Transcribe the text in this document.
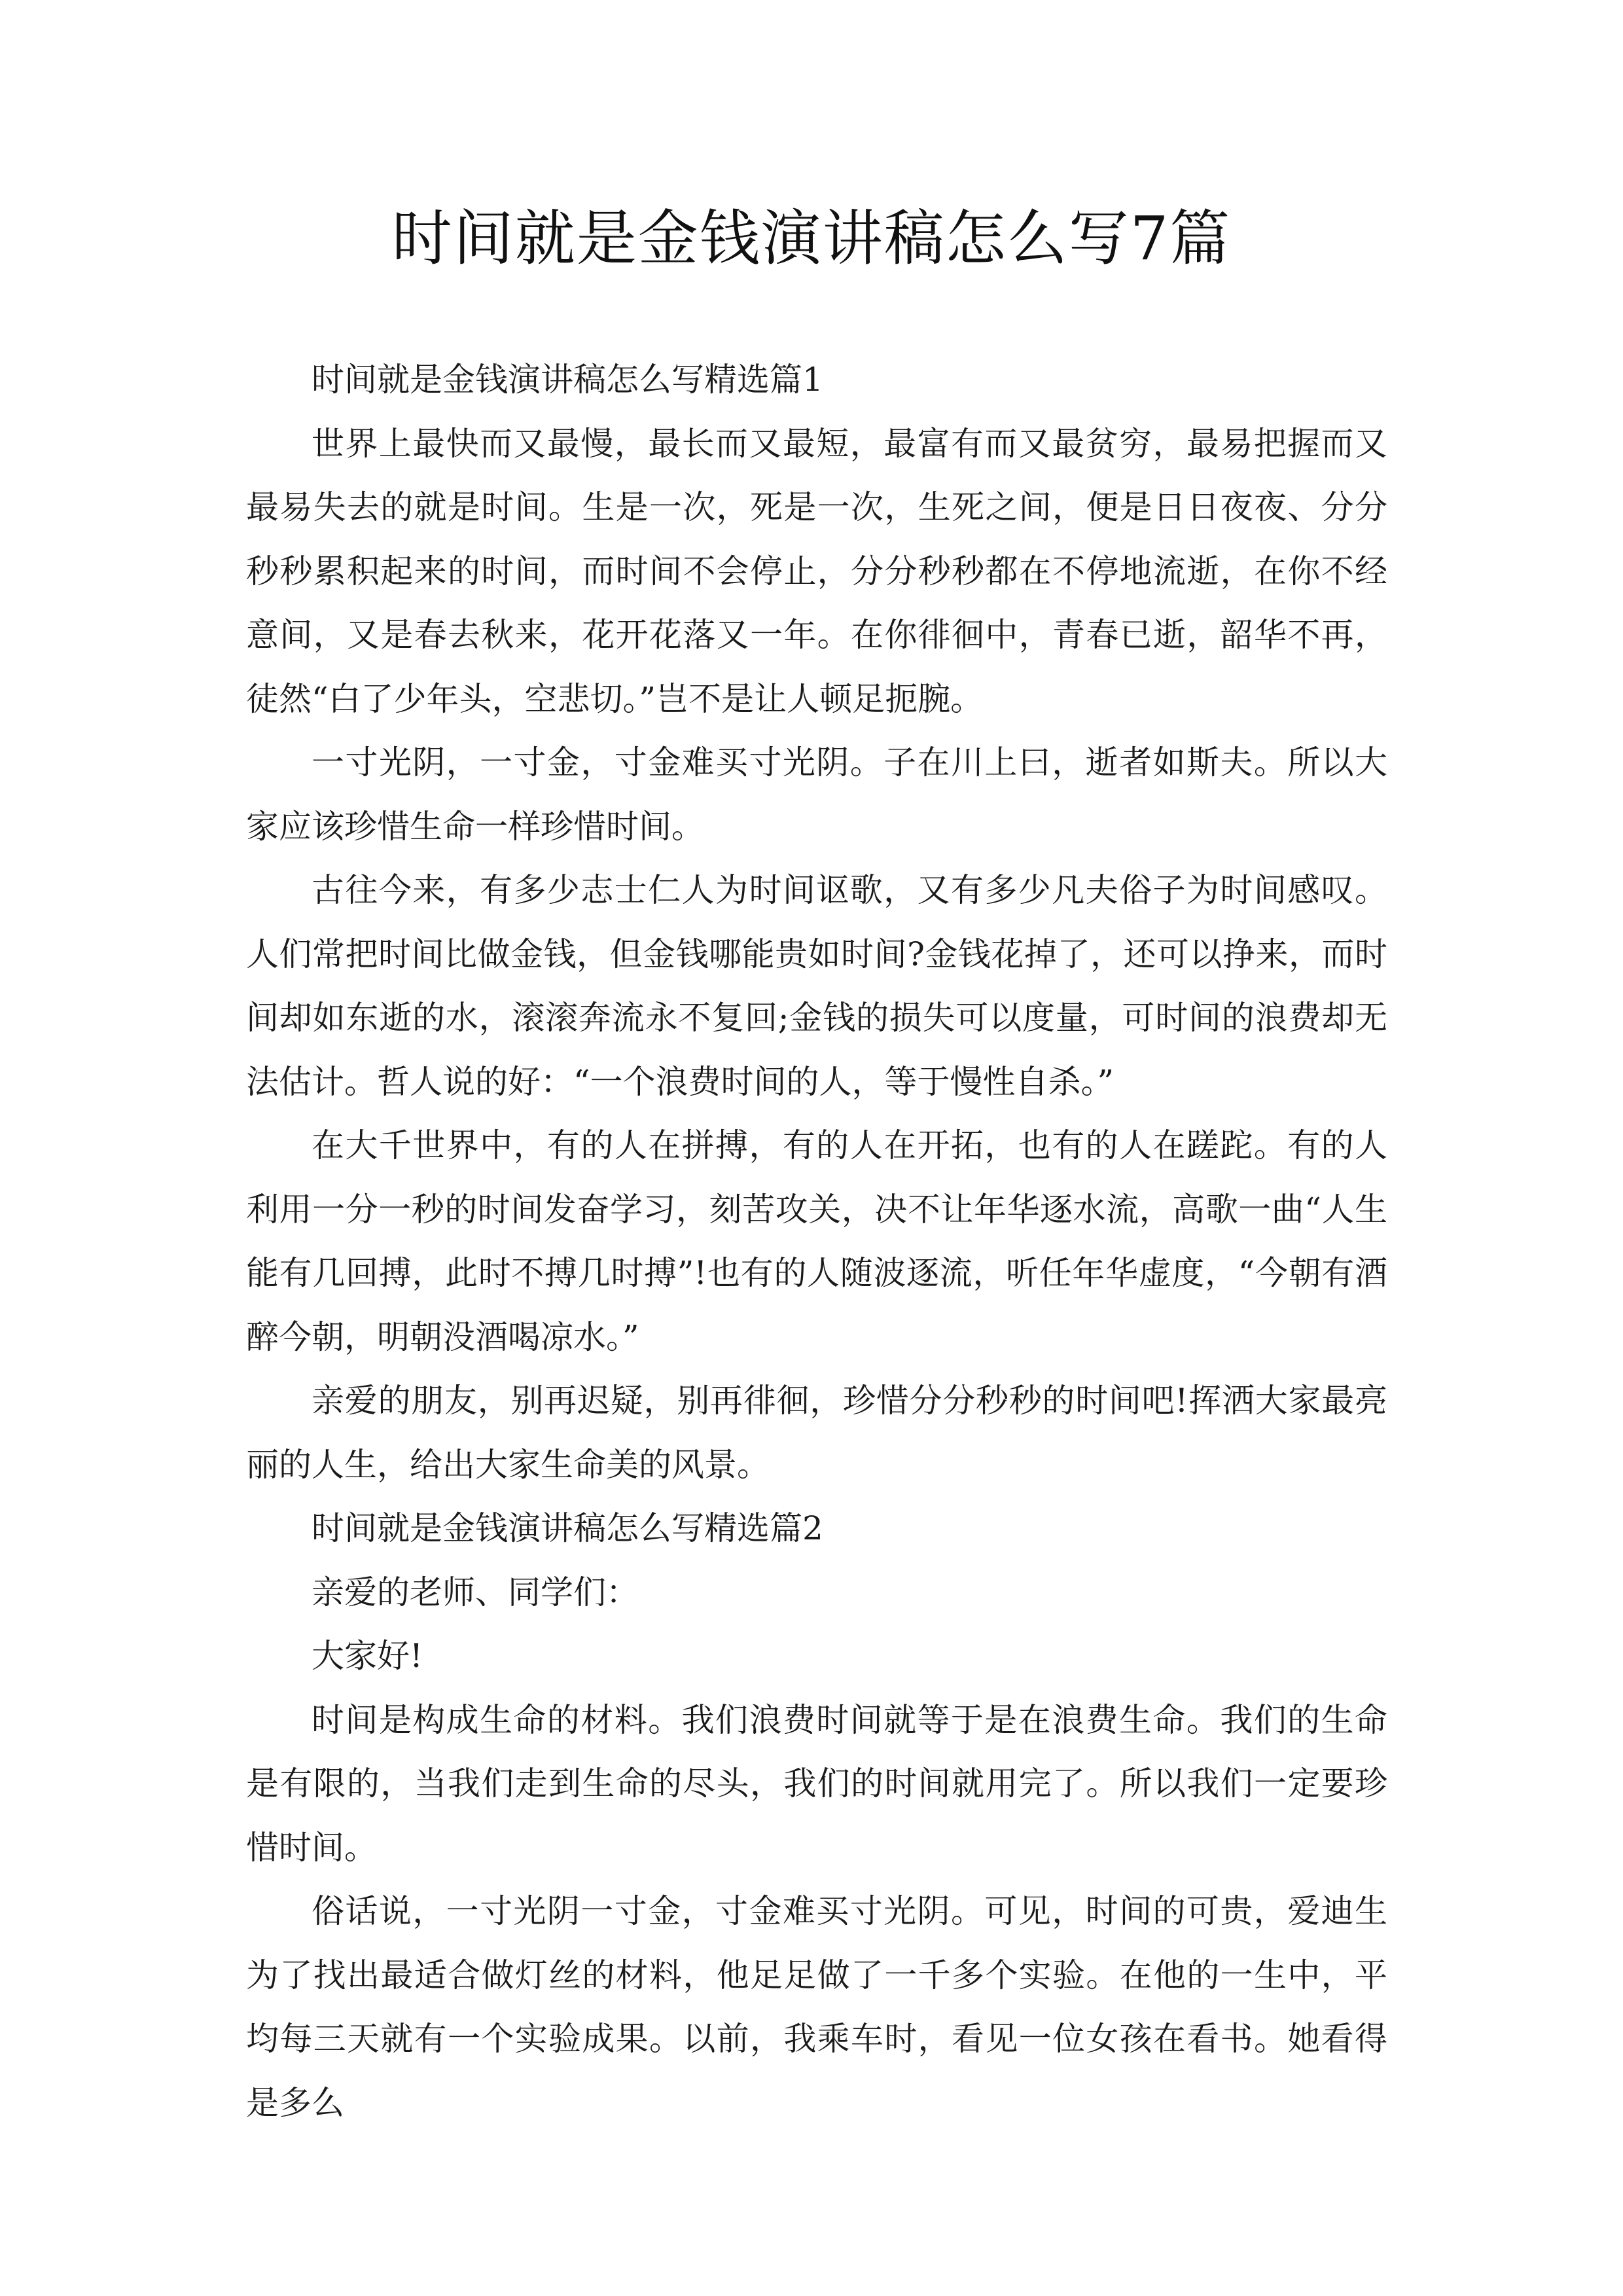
时间就是金钱演讲稿怎么写7篇

时间就是金钱演讲稿怎么写精选篇1

世界上最快而又最慢，最长而又最短，最富有而又最贫穷，最易把握而又最易失去的就是时间。生是一次，死是一次，生死之间，便是日日夜夜、分分秒秒累积起来的时间，而时间不会停止，分分秒秒都在不停地流逝，在你不经意间，又是春去秋来，花开花落又一年。在你徘徊中，青春已逝，韶华不再，徒然“白了少年头，空悲切。”岂不是让人顿足扼腕。

一寸光阴，一寸金，寸金难买寸光阴。子在川上曰，逝者如斯夫。所以大家应该珍惜生命一样珍惜时间。

古往今来，有多少志士仁人为时间讴歌，又有多少凡夫俗子为时间感叹。人们常把时间比做金钱，但金钱哪能贵如时间?金钱花掉了，还可以挣来，而时间却如东逝的水，滚滚奔流永不复回;金钱的损失可以度量，可时间的浪费却无法估计。哲人说的好：“一个浪费时间的人，等于慢性自杀。”

在大千世界中，有的人在拼搏，有的人在开拓，也有的人在蹉跎。有的人利用一分一秒的时间发奋学习，刻苦攻关，决不让年华逐水流，高歌一曲“人生能有几回搏，此时不搏几时搏”!也有的人随波逐流，听任年华虚度，“今朝有酒醉今朝，明朝没酒喝凉水。”

亲爱的朋友，别再迟疑，别再徘徊，珍惜分分秒秒的时间吧!挥洒大家最亮丽的人生，给出大家生命美的风景。

时间就是金钱演讲稿怎么写精选篇2

亲爱的老师、同学们：

大家好!

时间是构成生命的材料。我们浪费时间就等于是在浪费生命。我们的生命是有限的，当我们走到生命的尽头，我们的时间就用完了。所以我们一定要珍惜时间。

俗话说，一寸光阴一寸金，寸金难买寸光阴。可见，时间的可贵，爱迪生为了找出最适合做灯丝的材料，他足足做了一千多个实验。在他的一生中，平均每三天就有一个实验成果。以前，我乘车时，看见一位女孩在看书。她看得是多么
